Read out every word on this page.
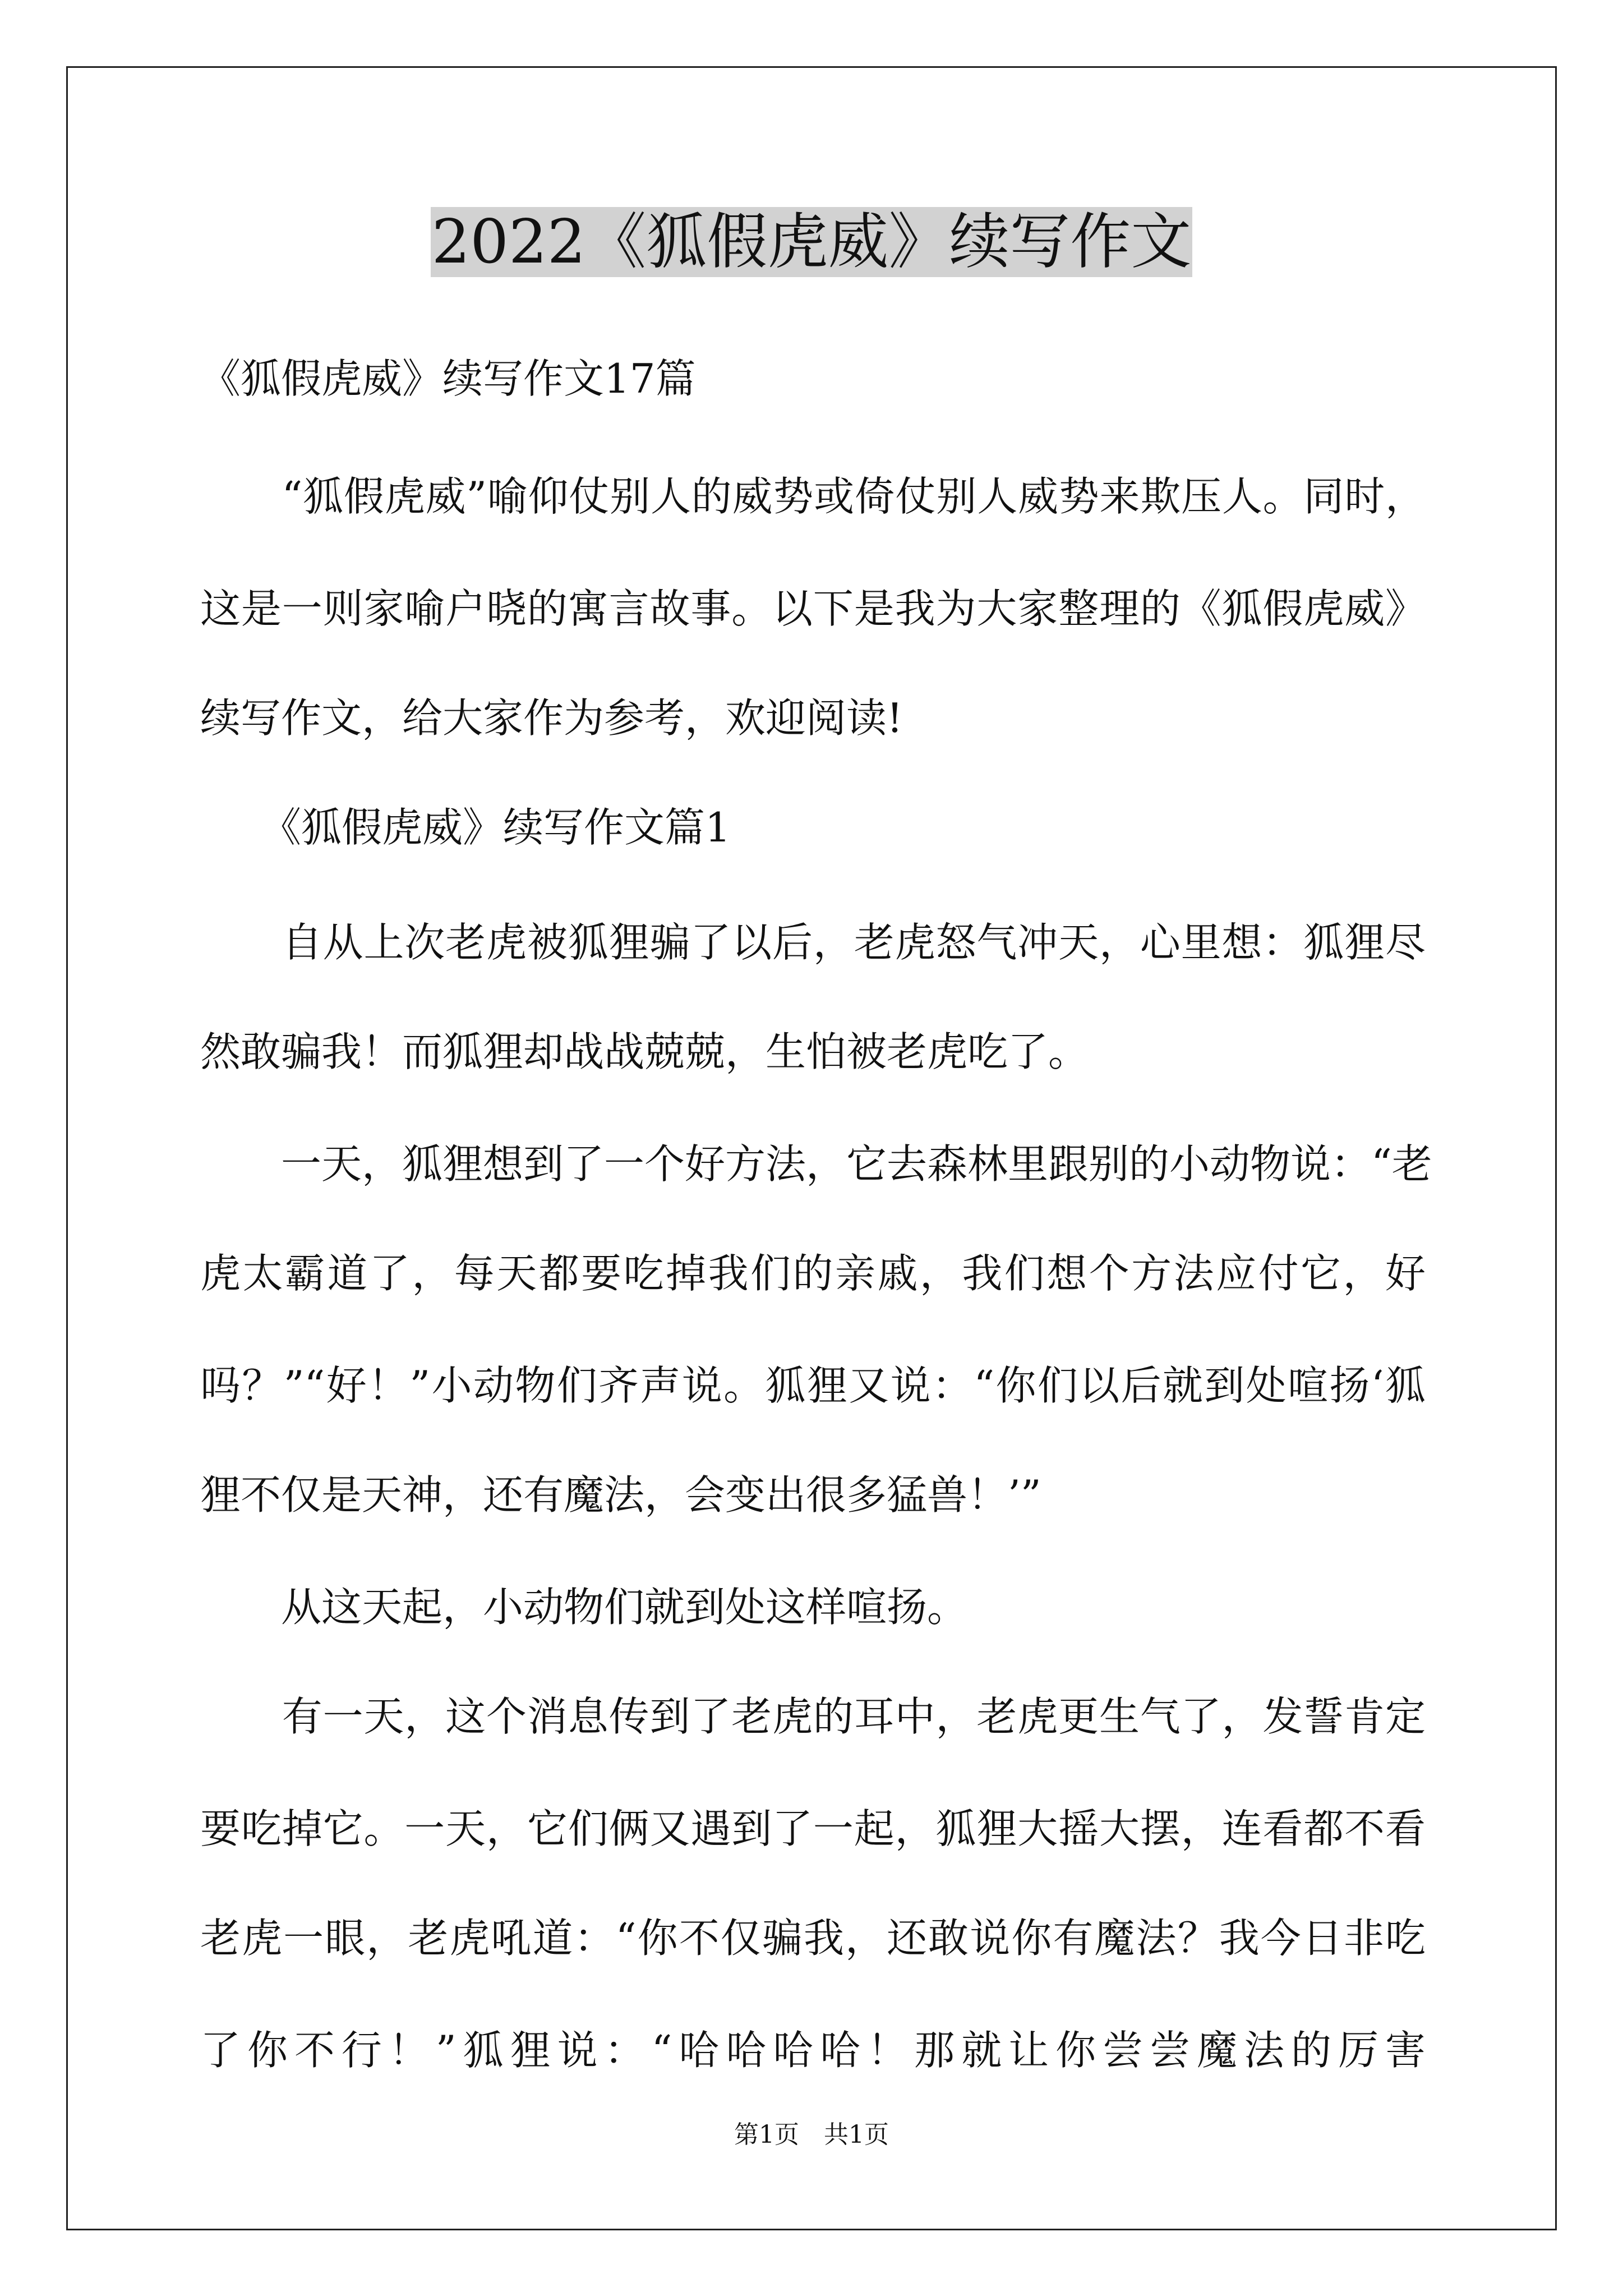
2022《狐假虎威》续写作文
《狐假虎威》续写作文17篇
　　“狐假虎威”喻仰仗别人的威势或倚仗别人威势来欺压人。同时，
这是一则家喻户晓的寓言故事。以下是我为大家整理的《狐假虎威》
续写作文，给大家作为参考，欢迎阅读!
　　《狐假虎威》续写作文篇1
　　自从上次老虎被狐狸骗了以后，老虎怒气冲天，心里想：狐狸尽
然敢骗我！而狐狸却战战兢兢，生怕被老虎吃了。
　　一天，狐狸想到了一个好方法，它去森林里跟别的小动物说：“老
虎太霸道了，每天都要吃掉我们的亲戚，我们想个方法应付它，好
吗？”“好！”小动物们齐声说。狐狸又说：“你们以后就到处喧扬‘狐
狸不仅是天神，还有魔法，会变出很多猛兽！’”
　　从这天起，小动物们就到处这样喧扬。
　　有一天，这个消息传到了老虎的耳中，老虎更生气了，发誓肯定
要吃掉它。一天，它们俩又遇到了一起，狐狸大摇大摆，连看都不看
老虎一眼，老虎吼道：“你不仅骗我，还敢说你有魔法？我今日非吃
了你不行！”狐狸说：“哈哈哈哈！那就让你尝尝魔法的厉害
第1页　共1页
